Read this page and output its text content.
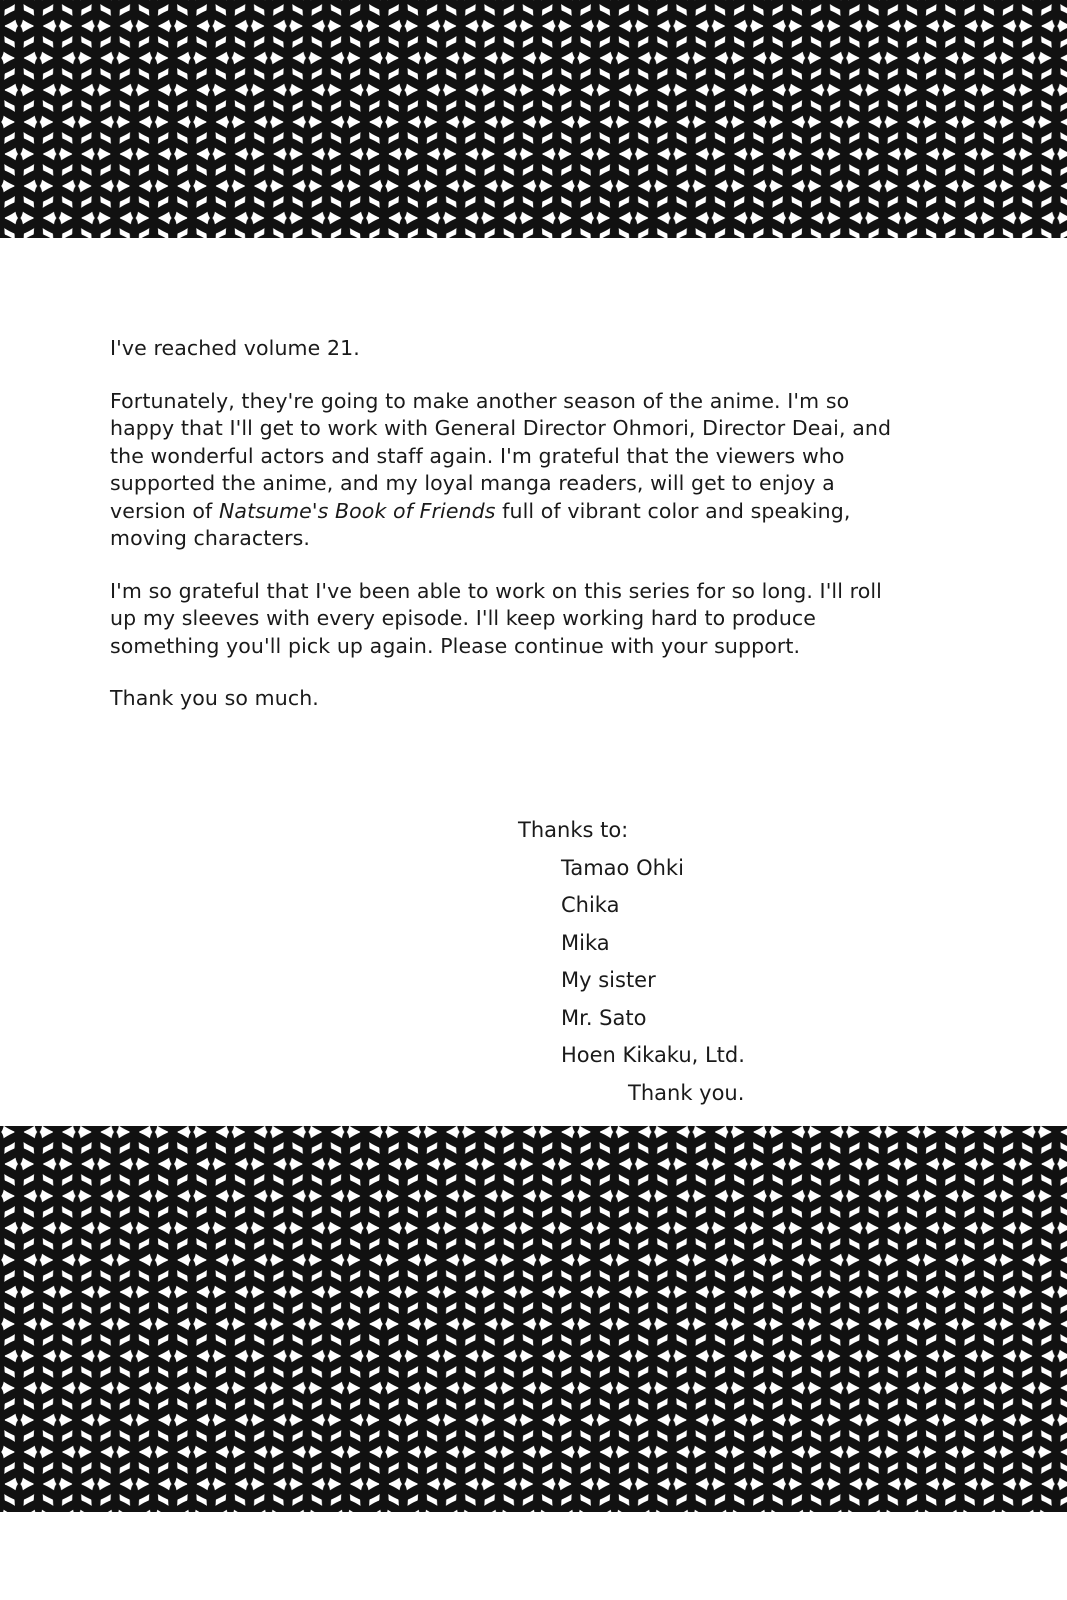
I've reached volume 21.

Fortunately, they're going to make another season of the anime. I'm so happy that I'll get to work with General Director Ohmori, Director Deai, and the wonderful actors and staff again. I'm grateful that the viewers who supported the anime, and my loyal manga readers, will get to enjoy a version of Natsume's Book of Friends full of vibrant color and speaking, moving characters.

I'm so grateful that I've been able to work on this series for so long. I'll roll up my sleeves with every episode. I'll keep working hard to produce something you'll pick up again. Please continue with your support.

Thank you so much.

Thanks to:

Tamao Ohki
Chika
Mika
My sister
Mr. Sato
Hoen Kikaku, Ltd.

Thank you.
